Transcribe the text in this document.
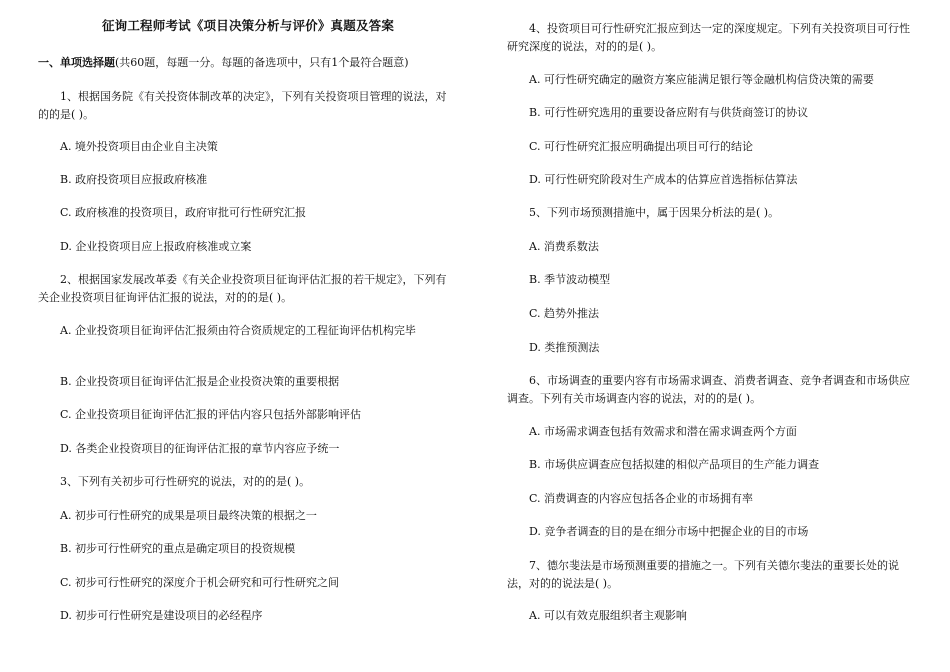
征询工程师考试《项目决策分析与评价》真题及答案
一、单项选择题(共60题，每题一分。每题的备选项中，只有1个最符合题意)
1、根据国务院《有关投资体制改革的决定》，下列有关投资项目管理的说法，对的的是( )。
A. 境外投资项目由企业自主决策
B. 政府投资项目应报政府核准
C. 政府核准的投资项目，政府审批可行性研究汇报
D. 企业投资项目应上报政府核准或立案
2、根据国家发展改革委《有关企业投资项目征询评估汇报的若干规定》，下列有关企业投资项目征询评估汇报的说法，对的的是( )。
A. 企业投资项目征询评估汇报须由符合资质规定的工程征询评估机构完毕
B. 企业投资项目征询评估汇报是企业投资决策的重要根据
C. 企业投资项目征询评估汇报的评估内容只包括外部影响评估
D. 各类企业投资项目的征询评估汇报的章节内容应予统一
3、下列有关初步可行性研究的说法，对的的是( )。
A. 初步可行性研究的成果是项目最终决策的根据之一
B. 初步可行性研究的重点是确定项目的投资规模
C. 初步可行性研究的深度介于机会研究和可行性研究之间
D. 初步可行性研究是建设项目的必经程序
4、投资项目可行性研究汇报应到达一定的深度规定。下列有关投资项目可行性研究深度的说法，对的的是( )。
A. 可行性研究确定的融资方案应能满足银行等金融机构信贷决策的需要
B. 可行性研究选用的重要设备应附有与供货商签订的协议
C. 可行性研究汇报应明确提出项目可行的结论
D. 可行性研究阶段对生产成本的估算应首选指标估算法
5、下列市场预测措施中，属于因果分析法的是( )。
A. 消费系数法
B. 季节波动模型
C. 趋势外推法
D. 类推预测法
6、市场调查的重要内容有市场需求调查、消费者调查、竞争者调查和市场供应调查。下列有关市场调查内容的说法，对的的是( )。
A. 市场需求调查包括有效需求和潜在需求调查两个方面
B. 市场供应调查应包括拟建的相似产品项目的生产能力调查
C. 消费调查的内容应包括各企业的市场拥有率
D. 竞争者调查的目的是在细分市场中把握企业的目的市场
7、德尔斐法是市场预测重要的措施之一。下列有关德尔斐法的重要长处的说法，对的的说法是( )。
A. 可以有效克服组织者主观影响
